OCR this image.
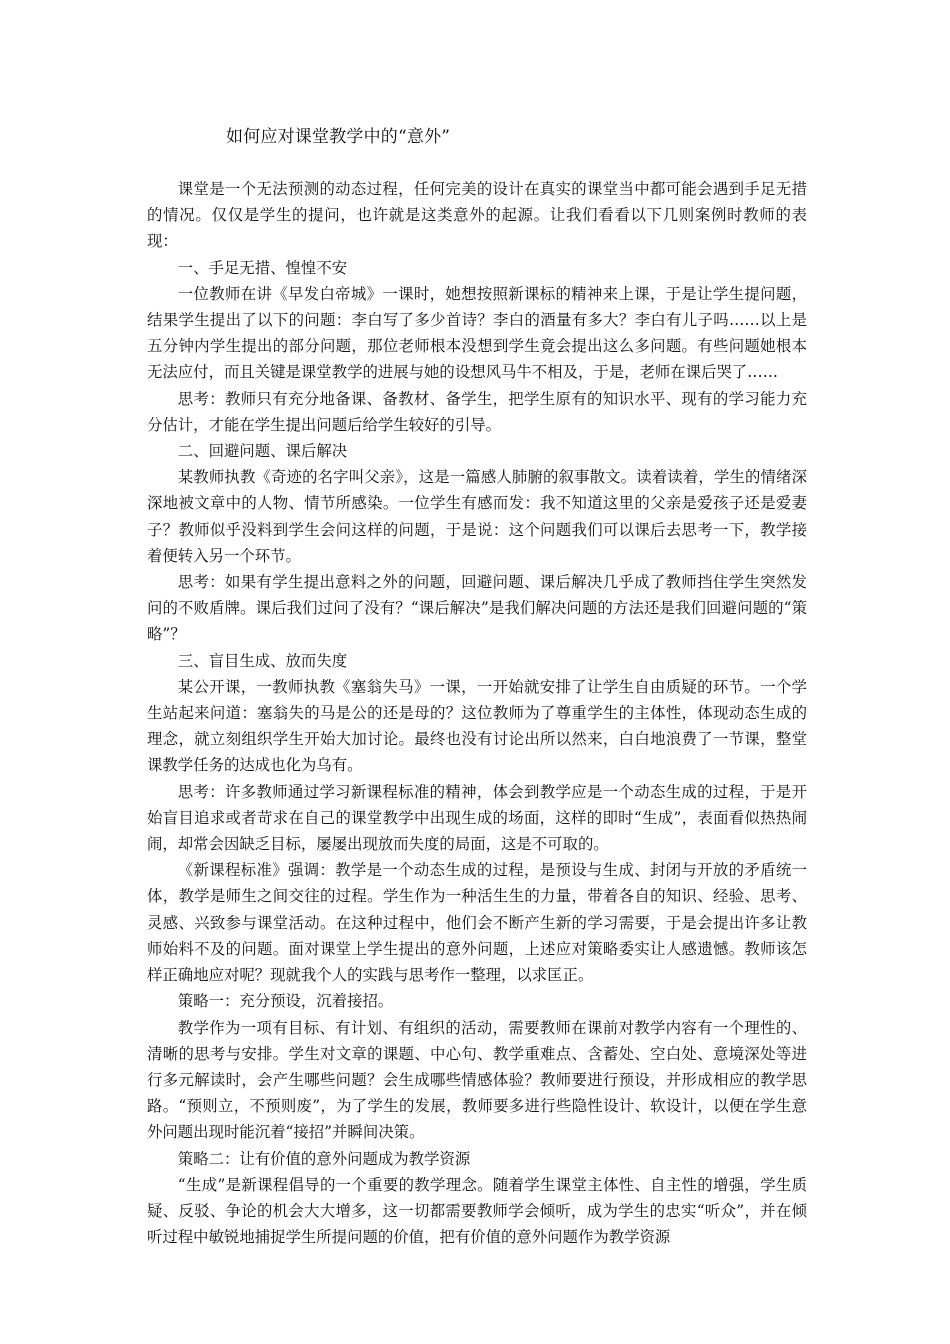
如何应对课堂教学中的“意外”

课堂是一个无法预测的动态过程，任何完美的设计在真实的课堂当中都可能会遇到手足无措的情况。仅仅是学生的提问，也许就是这类意外的起源。让我们看看以下几则案例时教师的表现：

一、手足无措、惶惶不安

一位教师在讲《早发白帝城》一课时，她想按照新课标的精神来上课，于是让学生提问题，结果学生提出了以下的问题：李白写了多少首诗？李白的酒量有多大？李白有儿子吗……以上是五分钟内学生提出的部分问题，那位老师根本没想到学生竟会提出这么多问题。有些问题她根本无法应付，而且关键是课堂教学的进展与她的设想风马牛不相及，于是，老师在课后哭了……

思考：教师只有充分地备课、备教材、备学生，把学生原有的知识水平、现有的学习能力充分估计，才能在学生提出问题后给学生较好的引导。

二、回避问题、课后解决

某教师执教《奇迹的名字叫父亲》，这是一篇感人肺腑的叙事散文。读着读着，学生的情绪深深地被文章中的人物、情节所感染。一位学生有感而发：我不知道这里的父亲是爱孩子还是爱妻子？教师似乎没料到学生会问这样的问题，于是说：这个问题我们可以课后去思考一下，教学接着便转入另一个环节。

思考：如果有学生提出意料之外的问题，回避问题、课后解决几乎成了教师挡住学生突然发问的不败盾牌。课后我们过问了没有？“课后解决”是我们解决问题的方法还是我们回避问题的“策略”？

三、盲目生成、放而失度

某公开课，一教师执教《塞翁失马》一课，一开始就安排了让学生自由质疑的环节。一个学生站起来问道：塞翁失的马是公的还是母的？这位教师为了尊重学生的主体性，体现动态生成的理念，就立刻组织学生开始大加讨论。最终也没有讨论出所以然来，白白地浪费了一节课，整堂课教学任务的达成也化为乌有。

思考：许多教师通过学习新课程标准的精神，体会到教学应是一个动态生成的过程，于是开始盲目追求或者苛求在自己的课堂教学中出现生成的场面，这样的即时“生成”，表面看似热热闹闹，却常会因缺乏目标，屡屡出现放而失度的局面，这是不可取的。

《新课程标准》强调：教学是一个动态生成的过程，是预设与生成、封闭与开放的矛盾统一体，教学是师生之间交往的过程。学生作为一种活生生的力量，带着各自的知识、经验、思考、灵感、兴致参与课堂活动。在这种过程中，他们会不断产生新的学习需要，于是会提出许多让教师始料不及的问题。面对课堂上学生提出的意外问题，上述应对策略委实让人感遗憾。教师该怎样正确地应对呢？现就我个人的实践与思考作一整理，以求匡正。

策略一：充分预设，沉着接招。

教学作为一项有目标、有计划、有组织的活动，需要教师在课前对教学内容有一个理性的、清晰的思考与安排。学生对文章的课题、中心句、教学重难点、含蓄处、空白处、意境深处等进行多元解读时，会产生哪些问题？会生成哪些情感体验？教师要进行预设，并形成相应的教学思路。“预则立，不预则废”，为了学生的发展，教师要多进行些隐性设计、软设计，以便在学生意外问题出现时能沉着“接招”并瞬间决策。

策略二：让有价值的意外问题成为教学资源

“生成”是新课程倡导的一个重要的教学理念。随着学生课堂主体性、自主性的增强，学生质疑、反驳、争论的机会大大增多，这一切都需要教师学会倾听，成为学生的忠实“听众”，并在倾听过程中敏锐地捕捉学生所提问题的价值，把有价值的意外问题作为教学资源
